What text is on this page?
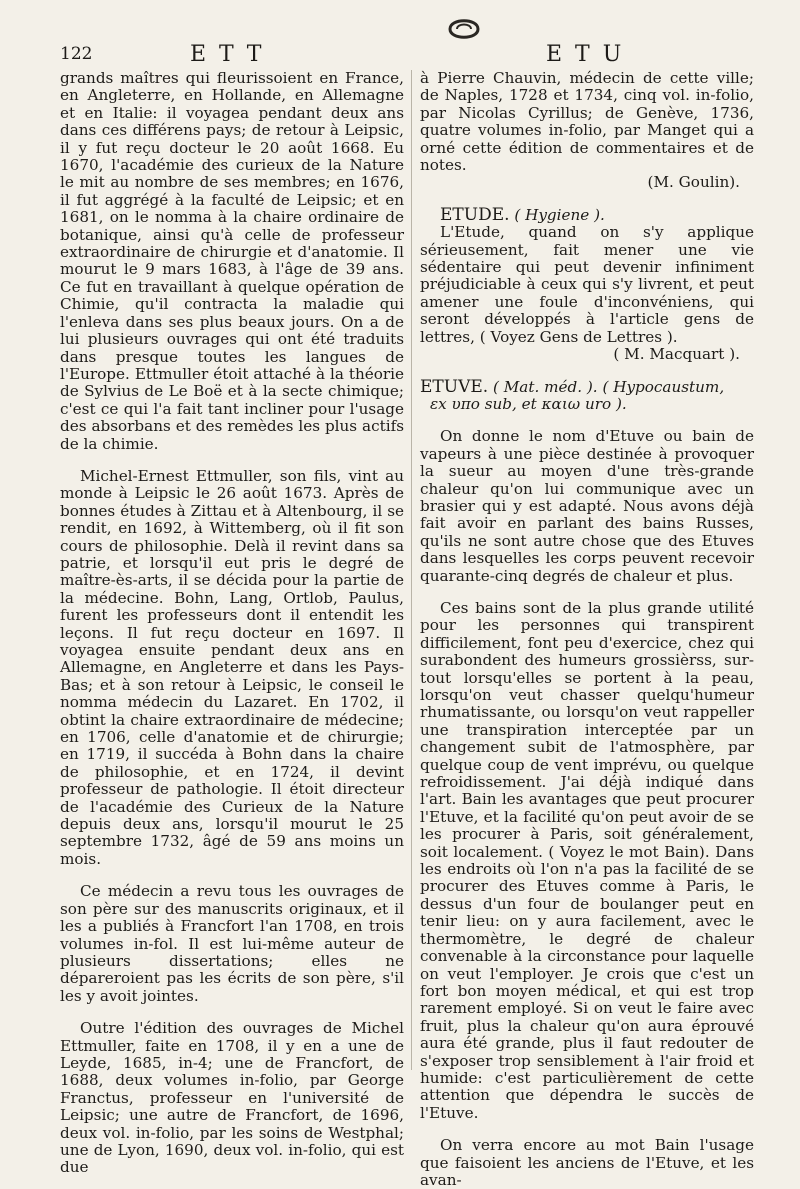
122	E T T	E T U

grands maîtres qui fleurissoient en France, en Angleterre, en Hollande, en Allemagne et en Italie: il voyagea pendant deux ans dans ces différens pays; de retour à Leipsic, il y fut reçu docteur le 20 août 1668. Eu 1670, l'académie des curieux de la Nature le mit au nombre de ses membres; en 1676, il fut aggrégé à la faculté de Leipsic; et en 1681, on le nomma à la chaire ordinaire de botanique, ainsi qu'à celle de professeur extraordinaire de chirurgie et d'anatomie. Il mourut le 9 mars 1683, à l'âge de 39 ans. Ce fut en travaillant à quelque opération de Chimie, qu'il contracta la maladie qui l'enleva dans ses plus beaux jours. On a de lui plusieurs ouvrages qui ont été traduits dans presque toutes les langues de l'Europe. Ettmuller étoit attaché à la théorie de Sylvius de Le Boë et à la secte chimique; c'est ce qui l'a fait tant incliner pour l'usage des absorbans et des remèdes les plus actifs de la chimie.

Michel-Ernest Ettmuller, son fils, vint au monde à Leipsic le 26 août 1673. Après de bonnes études à Zittau et à Altenbourg, il se rendit, en 1692, à Wittemberg, où il fit son cours de philosophie. Delà il revint dans sa patrie, et lorsqu'il eut pris le degré de maître-ès-arts, il se décida pour la partie de la médecine. Bohn, Lang, Ortlob, Paulus, furent les professeurs dont il entendit les leçons. Il fut reçu docteur en 1697. Il voyagea ensuite pendant deux ans en Allemagne, en Angleterre et dans les Pays-Bas; et à son retour à Leipsic, le conseil le nomma médecin du Lazaret. En 1702, il obtint la chaire extraordinaire de médecine; en 1706, celle d'anatomie et de chirurgie; en 1719, il succéda à Bohn dans la chaire de philosophie, et en 1724, il devint professeur de pathologie. Il étoit directeur de l'académie des Curieux de la Nature depuis deux ans, lorsqu'il mourut le 25 septembre 1732, âgé de 59 ans moins un mois.

Ce médecin a revu tous les ouvrages de son père sur des manuscrits originaux, et il les a publiés à Francfort l'an 1708, en trois volumes in-fol. Il est lui-même auteur de plusieurs dissertations; elles ne dépareroient pas les écrits de son père, s'il les y avoit jointes.

Outre l'édition des ouvrages de Michel Ettmuller, faite en 1708, il y en a une de Leyde, 1685, in-4; une de Francfort, de 1688, deux volumes in-folio, par George Franctus, professeur en l'université de Leipsic; une autre de Francfort, de 1696, deux vol. in-folio, par les soins de Westphal; une de Lyon, 1690, deux vol. in-folio, qui est due

à Pierre Chauvin, médecin de cette ville; de Naples, 1728 et 1734, cinq vol. in-folio, par Nicolas Cyrillus; de Genève, 1736, quatre volumes in-folio, par Manget qui a orné cette édition de commentaires et de notes.

(M. Goulin).

ETUDE. ( Hygiene ).

L'Etude, quand on s'y applique sérieusement, fait mener une vie sédentaire qui peut devenir infiniment préjudiciable à ceux qui s'y livrent, et peut amener une foule d'inconvéniens, qui seront développés à l'article gens de lettres, ( Voyez Gens de Lettres ).

( M. Macquart ).

ETUVE. ( Mat. méd. ). ( Hypocaustum,

εx υπο sub, et καιω uro ).

On donne le nom d'Etuve ou bain de vapeurs à une pièce destinée à provoquer la sueur au moyen d'une très-grande chaleur qu'on lui communique avec un brasier qui y est adapté. Nous avons déjà fait avoir en parlant des bains Russes, qu'ils ne sont autre chose que des Etuves dans lesquelles les corps peuvent recevoir quarante-cinq degrés de chaleur et plus.

Ces bains sont de la plus grande utilité pour les personnes qui transpirent difficilement, font peu d'exercice, chez qui surabondent des humeurs grossièrss, sur-tout lorsqu'elles se portent à la peau, lorsqu'on veut chasser quelqu'humeur rhumatissante, ou lorsqu'on veut rappeller une transpiration interceptée par un changement subit de l'atmosphère, par quelque coup de vent imprévu, ou quelque refroidissement. J'ai déjà indiqué dans l'art. Bain les avantages que peut procurer l'Etuve, et la facilité qu'on peut avoir de se les procurer à Paris, soit généralement, soit localement. ( Voyez le mot Bain). Dans les endroits où l'on n'a pas la facilité de se procurer des Etuves comme à Paris, le dessus d'un four de boulanger peut en tenir lieu: on y aura facilement, avec le thermomètre, le degré de chaleur convenable à la circonstance pour laquelle on veut l'employer. Je crois que c'est un fort bon moyen médical, et qui est trop rarement employé. Si on veut le faire avec fruit, plus la chaleur qu'on aura éprouvé aura été grande, plus il faut redouter de s'exposer trop sensiblement à l'air froid et humide: c'est particulièrement de cette attention que dépendra le succès de l'Etuve.

On verra encore au mot Bain l'usage que faisoient les anciens de l'Etuve, et les avan-
